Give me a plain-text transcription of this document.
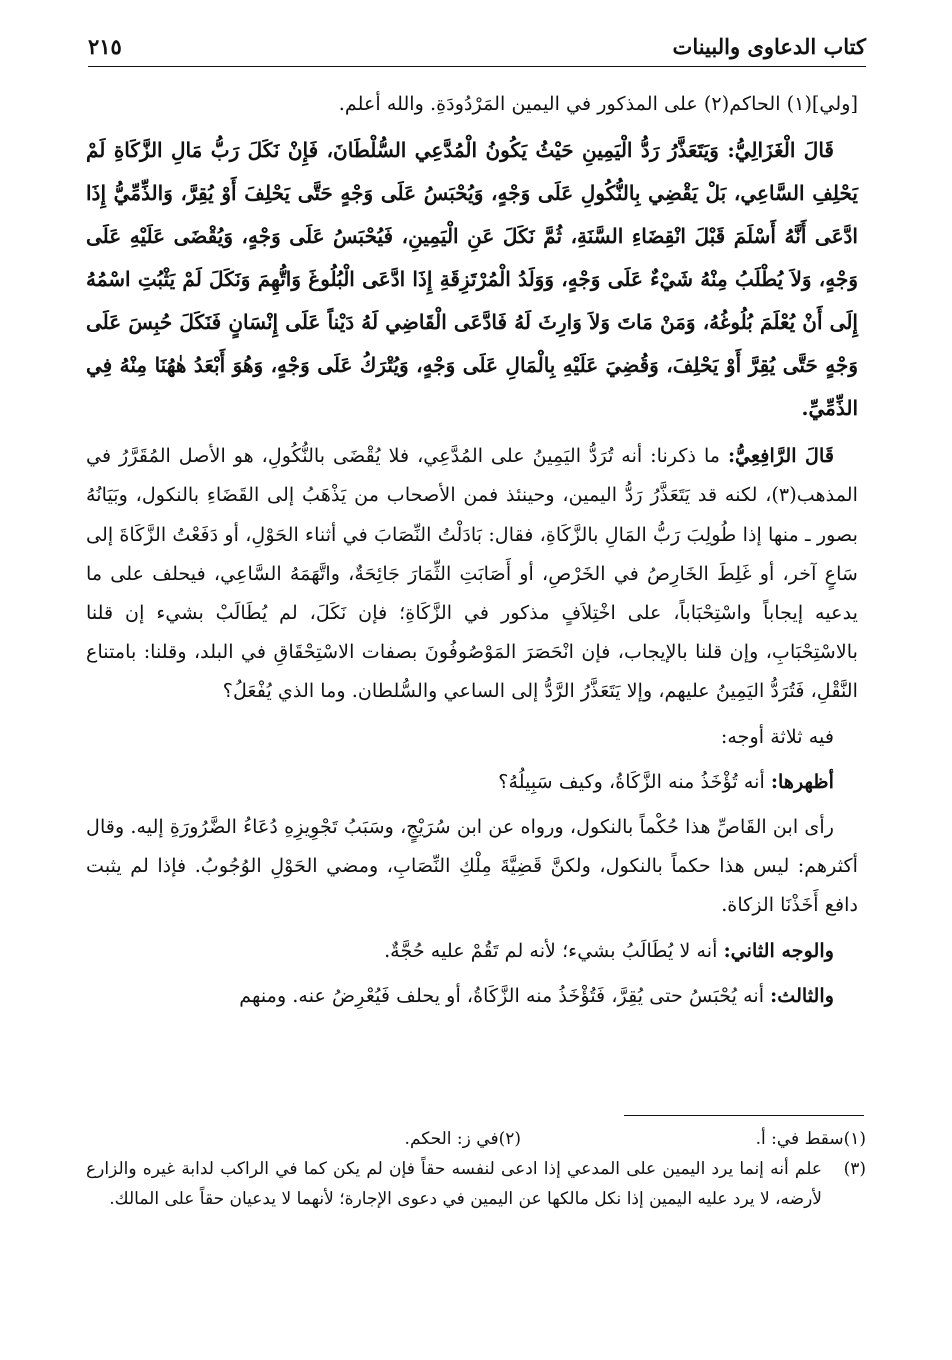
كتاب الدعاوى والبينات
٢١٥

[ولي](١) الحاكم(٢) على المذكور في اليمين المَرْدُودَةِ. والله أعلم.

قَالَ الْغَزَالِيُّ: وَيَتَعَذَّرُ رَدُّ الْيَمِينِ حَيْثُ يَكُونُ الْمُدَّعِي السُّلْطَانَ، فَإِنْ نَكَلَ رَبُّ مَالِ الزَّكَاةِ لَمْ يَحْلِفِ السَّاعِي، بَلْ يَقْضِي بِالنُّكُولِ عَلَى وَجْهٍ، وَيُحْبَسُ عَلَى وَجْهٍ حَتَّى يَحْلِفَ أَوْ يُقِرَّ، وَالذِّمِّيُّ إِذَا ادَّعَى أَنَّهُ أَسْلَمَ قَبْلَ انْقِضَاءِ السَّنَةِ، ثُمَّ نَكَلَ عَنِ الْيَمِينِ، فَيُحْبَسُ عَلَى وَجْهٍ، وَيُقْضَى عَلَيْهِ عَلَى وَجْهٍ، وَلاَ يُطْلَبُ مِنْهُ شَيْءٌ عَلَى وَجْهٍ، وَوَلَدُ الْمُرْتَزِقَةِ إِذَا ادَّعَى الْبُلُوغَ وَاتُّهِمَ وَنَكَلَ لَمْ يَثْبُتِ اسْمُهُ إِلَى أَنْ يُعْلَمَ بُلُوغُهُ، وَمَنْ مَاتَ وَلاَ وَارِثَ لَهُ فَادَّعَى الْقَاضِي لَهُ دَيْناً عَلَى إِنْسَانٍ فَنَكَلَ حُبِسَ عَلَى وَجْهٍ حَتَّى يُقِرَّ أَوْ يَحْلِفَ، وَقُضِيَ عَلَيْهِ بِالْمَالِ عَلَى وَجْهٍ، وَيُتْرَكُ عَلَى وَجْهٍ، وَهُوَ أَبْعَدُ هٰهُنَا مِنْهُ فِي الذِّمِّيِّ.

قَالَ الرَّافِعِيُّ: ما ذكرنا: أنه تُرَدُّ اليَمِينُ على المُدَّعِي، فلا يُقْضَى بالنُّكُولِ، هو الأصل المُقَرَّرُ في المذهب(٣)، لكنه قد يَتَعَذَّرُ رَدُّ اليمين، وحينئذ فمن الأصحاب من يَذْهَبُ إلى القَضَاءِ بالنكول، وبَيَانُهُ بصور ـ منها إذا طُولِبَ رَبُّ المَالِ بالزَّكَاةِ، فقال: بَادَلْتُ النِّصَابَ في أثناء الحَوْلِ، أو دَفَعْتُ الزَّكَاةَ إلى سَاعٍ آخر، أو غَلِطَ الخَارِصُ في الخَرْصِ، أو أَصَابَتِ الثِّمَارَ جَائِحَةٌ، واتَّهَمَهُ السَّاعِي، فيحلف على ما يدعيه إيجاباً واسْتِحْبَاباً، على اخْتِلاَفٍ مذكور في الزَّكَاةِ؛ فإن نَكَلَ، لم يُطَالَبْ بشيء إن قلنا بالاسْتِحْبَابِ، وإن قلنا بالإيجاب، فإن انْحَصَرَ المَوْصُوفُونَ بصفات الاسْتِحْقَاقِ في البلد، وقلنا: بامتناع النَّقْلِ، فَتُرَدُّ اليَمِينُ عليهم، وإلا يَتَعَذَّرُ الرَّدُّ إلى الساعي والسُّلطان. وما الذي يُفْعَلُ؟

فيه ثلاثة أوجه:

أظهرها: أنه تُؤْخَذُ منه الزَّكَاةُ، وكيف سَبِيلُهُ؟

رأى ابن القَاصِّ هذا حُكْماً بالنكول، ورواه عن ابن سُرَيْجٍ، وسَبَبُ تَجْوِيزِهِ دُعَاءُ الضَّرُورَةِ إليه. وقال أكثرهم: ليس هذا حكماً بالنكول، ولكنَّ قَضِيَّةَ مِلْكِ النِّصَابِ، ومضي الحَوْلِ الوُجُوبُ. فإذا لم يثبت دافع أَخَذْنَا الزكاة.

والوجه الثاني: أنه لا يُطَالَبُ بشيء؛ لأنه لم تَقُمْ عليه حُجَّةٌ.

والثالث: أنه يُحْبَسُ حتى يُقِرَّ، فَتُؤْخَذُ منه الزَّكَاةُ، أو يحلف فَيُعْرِضُ عنه. ومنهم

(١)
سقط في: أ.
(٢)
في ز: الحكم.
(٣)
علم أنه إنما يرد اليمين على المدعي إذا ادعى لنفسه حقاً فإن لم يكن كما في الراكب لدابة غيره والزارع لأرضه، لا يرد عليه اليمين إذا نكل مالكها عن اليمين في دعوى الإجارة؛ لأنهما لا يدعيان حقاً على المالك.
